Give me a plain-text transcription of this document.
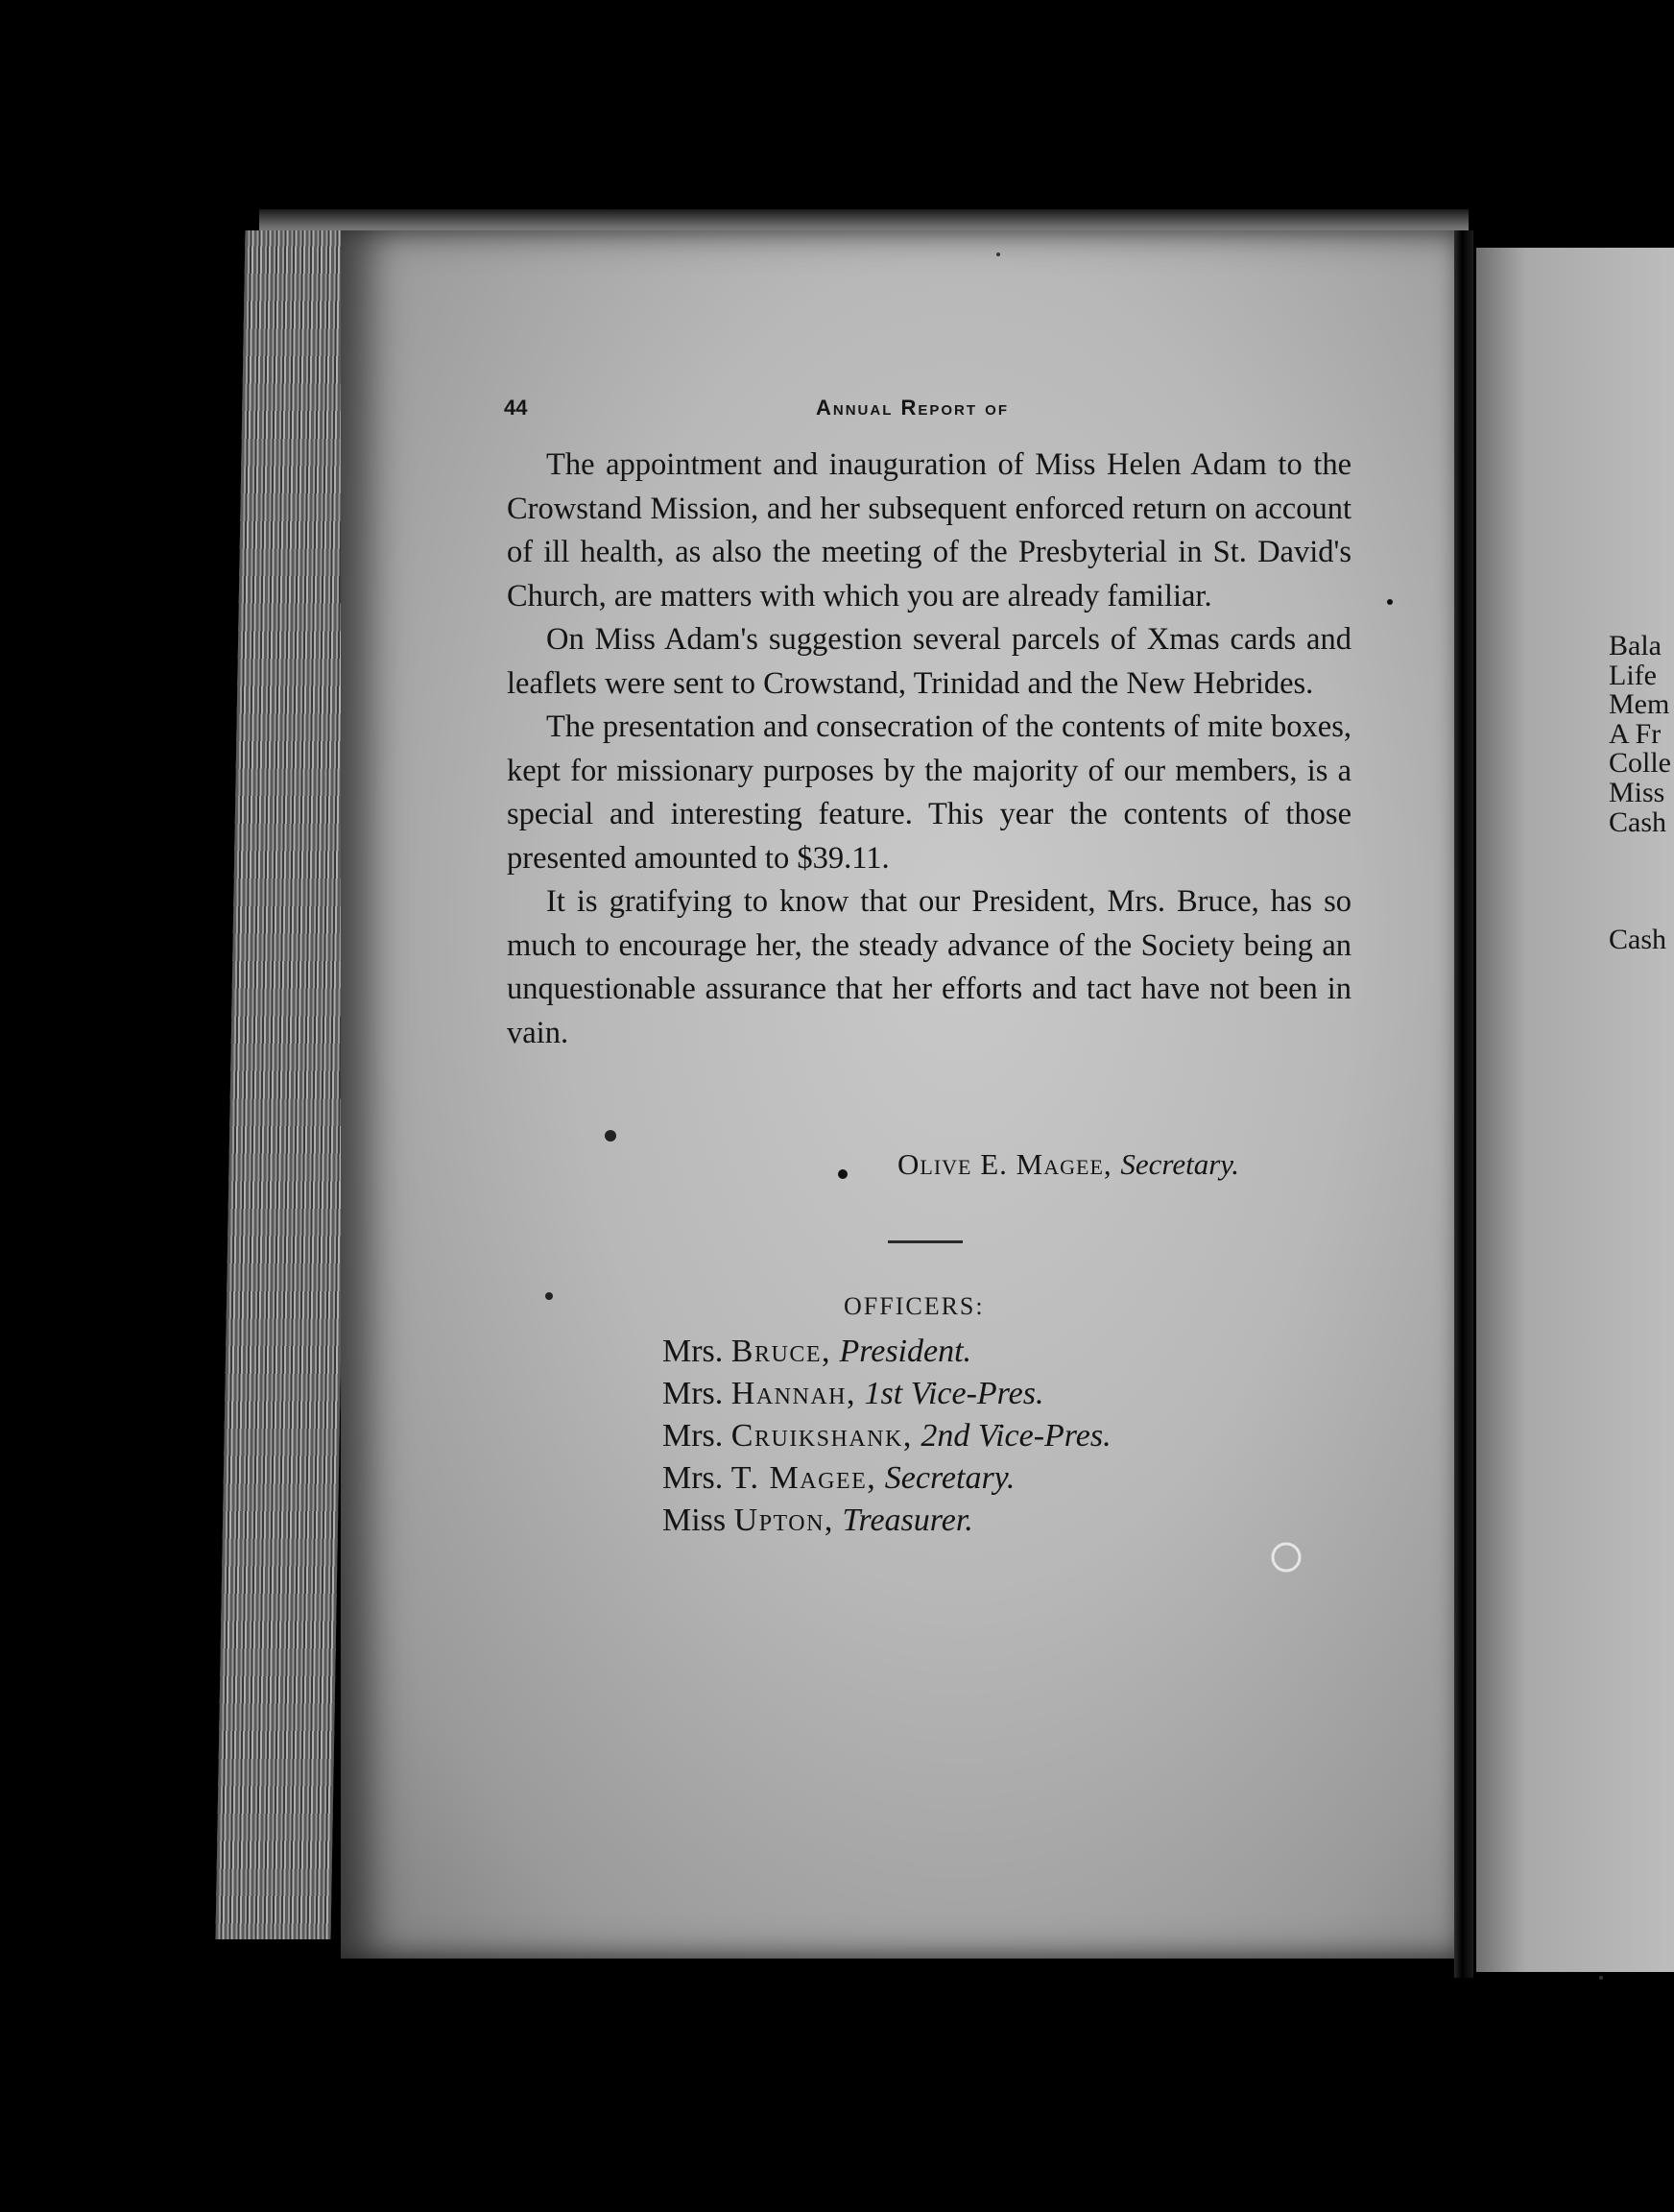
44	Annual Report of

The appointment and inauguration of Miss Helen Adam to the Crowstand Mission, and her subsequent enforced return on account of ill health, as also the meeting of the Presbyterial in St. David's Church, are matters with which you are already familiar.

On Miss Adam's suggestion several parcels of Xmas cards and leaflets were sent to Crowstand, Trinidad and the New Hebrides.

The presentation and consecration of the contents of mite boxes, kept for missionary purposes by the majority of our members, is a special and interesting feature. This year the contents of those presented amounted to $39.11.

It is gratifying to know that our President, Mrs. Bruce, has so much to encourage her, the steady advance of the Society being an unquestionable assurance that her efforts and tact have not been in vain.

Olive E. Magee, Secretary.
OFFICERS:
Mrs. Bruce, President.
Mrs. Hannah, 1st Vice-Pres.
Mrs. Cruikshank, 2nd Vice-Pres.
Mrs. T. Magee, Secretary.
Miss Upton, Treasurer.
Bala
Life
Mem
A Fr
Colle
Miss
Cash
Cash
